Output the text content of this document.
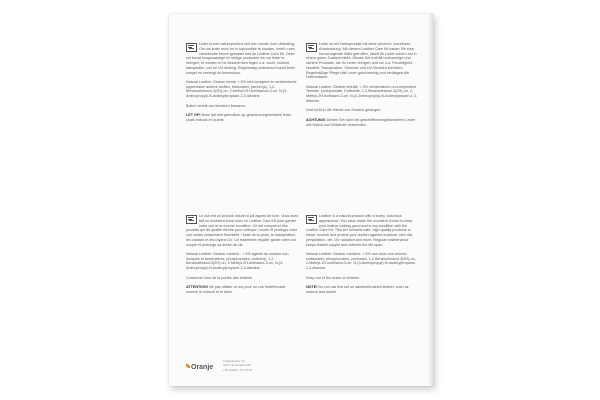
Leder is een natuurproduct met een mooie, luxe uitstraling. Om uw leder mooi en in topconditie te houden, heeft u een uitstekende keuze gemaakt met de Leather Care Kit. Deze set bevat hoogwaardige en veilige producten om uw leder te reinigen, te voeden en te beschermen tegen o.a. vocht, huidvet, transpiratie, vuil en UV-straling. Regelmatig onderhoud houdt leder soepel en verlengt de levensduur.

Natural Leather Cleaner bevat: < 5% niet-ionogene en amfoterische oppervlakte actieve stoffen, fosfonaten, parfum(s), 1,2-Benzisothiazool-3(2H)-on, 2-Methyl-2H-isothiazool-3-on, N-(3-Aminopropyl)-N-dodecylpropaan-1,3-diamine.

Buiten bereik van kinderen bewaren.

LET OP! Deze set niet gebruiken op geschuurd/geborsteld leder, zoals nubuck en suède.

Leder ist ein Naturprodukt mit einer schönen, luxuriösen Ausstrahlung. Mit diesem Leather Care Kit haben Sie eine hervorragende Wahl getroffen, damit Ihr Leder schön und in einem guten Zustand bleibt. Dieses Set enthält hochwertige und sichere Produkte, die Ihr Leder reinigen und vor u.a. Feuchtigkeit, Hautfett, Transpiration, Schmutz und UV-Strahlen schützen. Regelmäßige Pflege hält Leder geschmeidig und verlängert die Lebensdauer.

Natural Leather Cleaner enthält: < 5% nichtionische und amphotere Tenside, phosphonate, Duftstoffe, 1,2-Benzisothiazol-3(2H)-on, 2-Methyl-2H-isothiazol-3-on, N-(3-Aminopropyl)-N-dodecylpropan-1,3-diamine.

Darf nicht in die Hände von Kindern gelangen.

ACHTUNG! Dieses Set nicht bei geschliffenem/gebürstetem Leder wie Nubuk und Wildleder verwenden.

Le cuir est un produit naturel à joli aspect de luxe. Vous avez fait un excellent choix avec ce Leather Care Kit pour garder votre cuir et en bonne condition. Ce set comprend des produits qui de qualité élevée pour nettoyer, nourrir et protéger votre cuir contre notamment l'humidité, l'huile de la peau, la transpiration, les crasses et les rayons UV. Un traitement régulier garde votre cuir souple et prolonge sa durée de vie.

Natural Leather Cleaner contient : < 5% agents de surface non-ioniques et amphotères, phosphonates, parfums), 1,2-Benzisothiazol-3(2H)-on, 2-Methyl-2H-isothiazol-3-on, N-(3-Aminopropyl)-N-dodecylpropane-1,3-diamine.

Conserver hors de la portée des enfants.

ATTENTION! Ne pas utiliser ce set pour du cuir frotté/brossé, comme le nubuck et le daim.

Leather is a natural product with a lovely, luxurious appearance. You have made the excellent choice to keep your leather looking good and in top condition with the Leather Care Kit. This set contains safe, high-quality products to clean, nourish and protect your leather against moisture, skin oils, perspiration, dirt, UV radiation and more. Regular maintenance keeps leather supple and extends the life span.

Natural Leather Cleaner contains: < 5% non-ionic and anionic surfactants, phosphonates, perfumes, 1,2-Benzisothiazol-3(2H)-on, 2-Methyl-2H-isothiazol-3-on, N-(3-Aminopropyl)-N-dodecylpropane-1,3-diamine.

Keep out of the reach of children.

NOTE! Do not use this set on sanded/brushed leather, such as nubuck and suede.

Oranje
Lekkerkerker 19
3371 LE Hardinxveld
+31 (0)184 - 67 00 00
